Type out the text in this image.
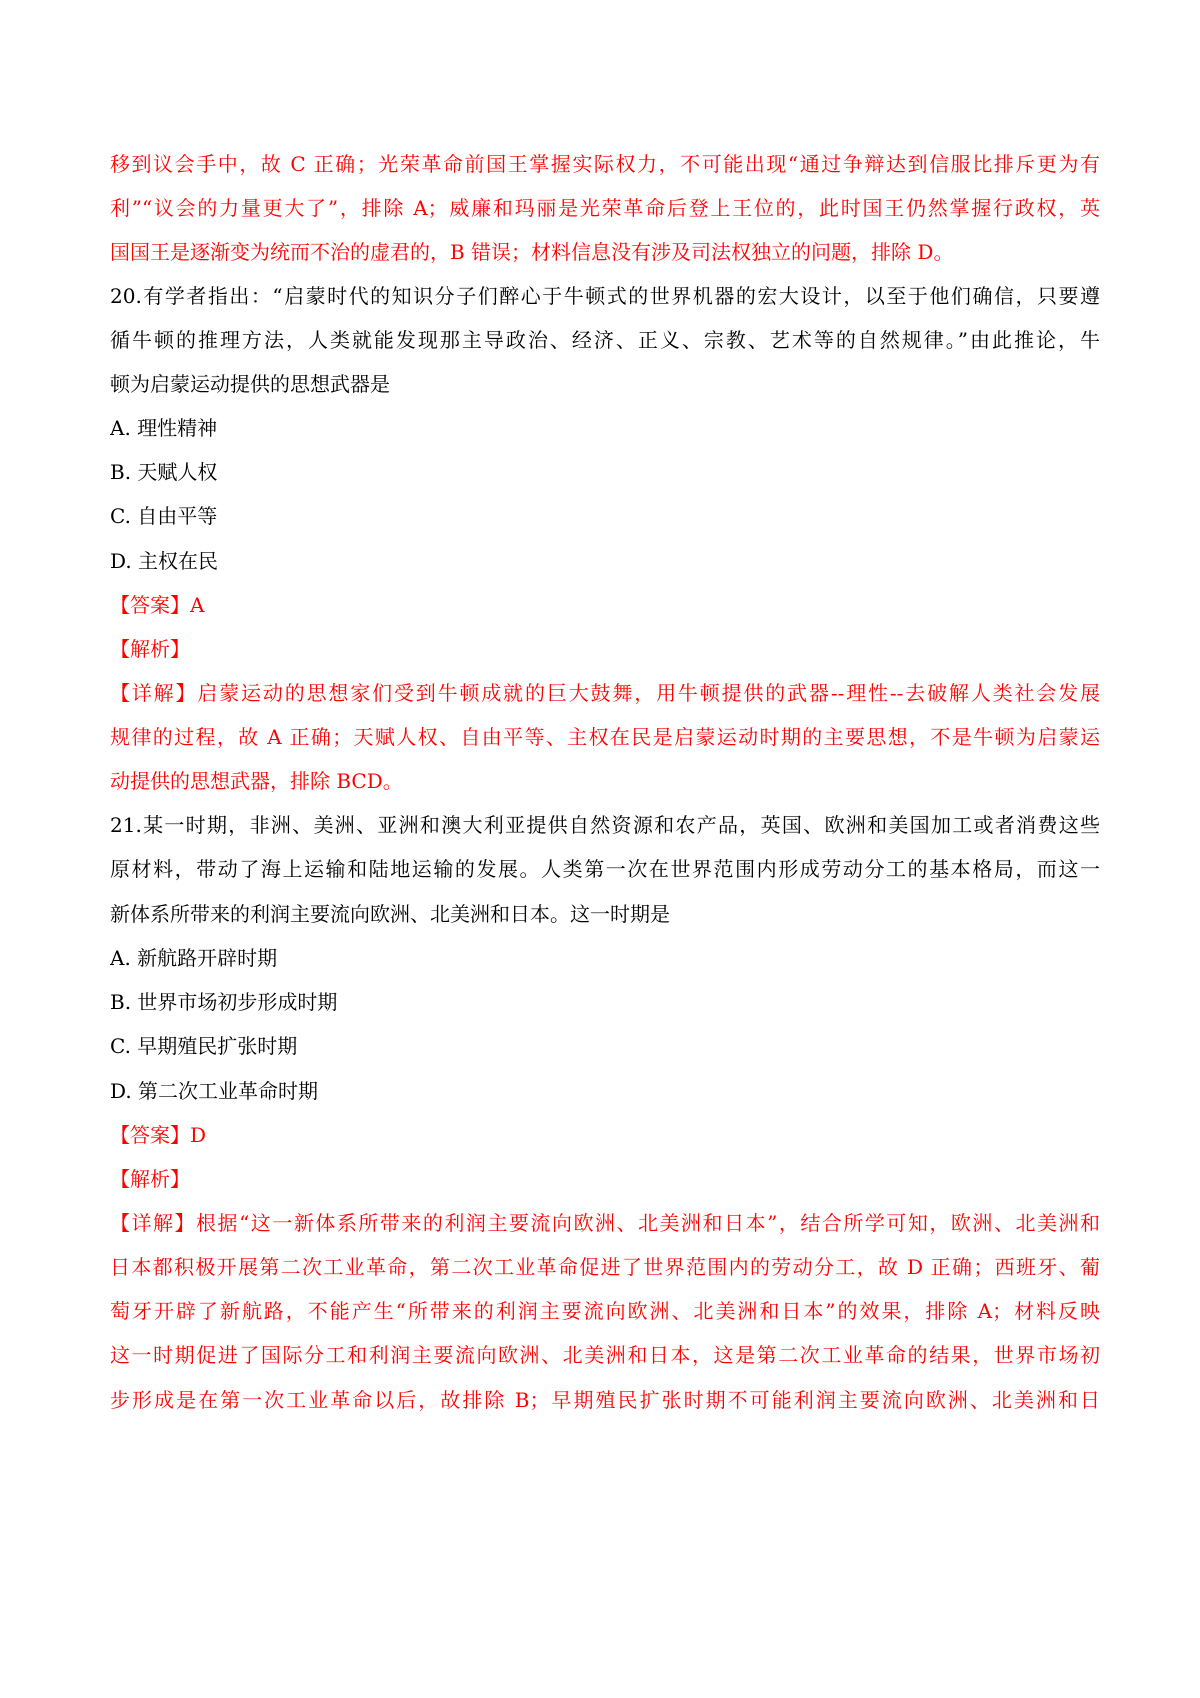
移到议会手中，故 C 正确；光荣革命前国王掌握实际权力，不可能出现“通过争辩达到信服比排斥更为有
利”“议会的力量更大了”，排除 A；威廉和玛丽是光荣革命后登上王位的，此时国王仍然掌握行政权，英
国国王是逐渐变为统而不治的虚君的，B 错误；材料信息没有涉及司法权独立的问题，排除 D。
20.有学者指出：“启蒙时代的知识分子们醉心于牛顿式的世界机器的宏大设计，以至于他们确信，只要遵
循牛顿的推理方法，人类就能发现那主导政治、经济、正义、宗教、艺术等的自然规律。”由此推论，牛
顿为启蒙运动提供的思想武器是
A. 理性精神
B. 天赋人权
C. 自由平等
D. 主权在民
【答案】A
【解析】
【详解】启蒙运动的思想家们受到牛顿成就的巨大鼓舞，用牛顿提供的武器--理性--去破解人类社会发展
规律的过程，故 A 正确；天赋人权、自由平等、主权在民是启蒙运动时期的主要思想，不是牛顿为启蒙运
动提供的思想武器，排除 BCD。
21.某一时期，非洲、美洲、亚洲和澳大利亚提供自然资源和农产品，英国、欧洲和美国加工或者消费这些
原材料，带动了海上运输和陆地运输的发展。人类第一次在世界范围内形成劳动分工的基本格局，而这一
新体系所带来的利润主要流向欧洲、北美洲和日本。这一时期是
A. 新航路开辟时期
B. 世界市场初步形成时期
C. 早期殖民扩张时期
D. 第二次工业革命时期
【答案】D
【解析】
【详解】根据“这一新体系所带来的利润主要流向欧洲、北美洲和日本”，结合所学可知，欧洲、北美洲和
日本都积极开展第二次工业革命，第二次工业革命促进了世界范围内的劳动分工，故 D 正确；西班牙、葡
萄牙开辟了新航路，不能产生“所带来的利润主要流向欧洲、北美洲和日本”的效果，排除 A；材料反映
这一时期促进了国际分工和利润主要流向欧洲、北美洲和日本，这是第二次工业革命的结果，世界市场初
步形成是在第一次工业革命以后，故排除 B；早期殖民扩张时期不可能利润主要流向欧洲、北美洲和日
